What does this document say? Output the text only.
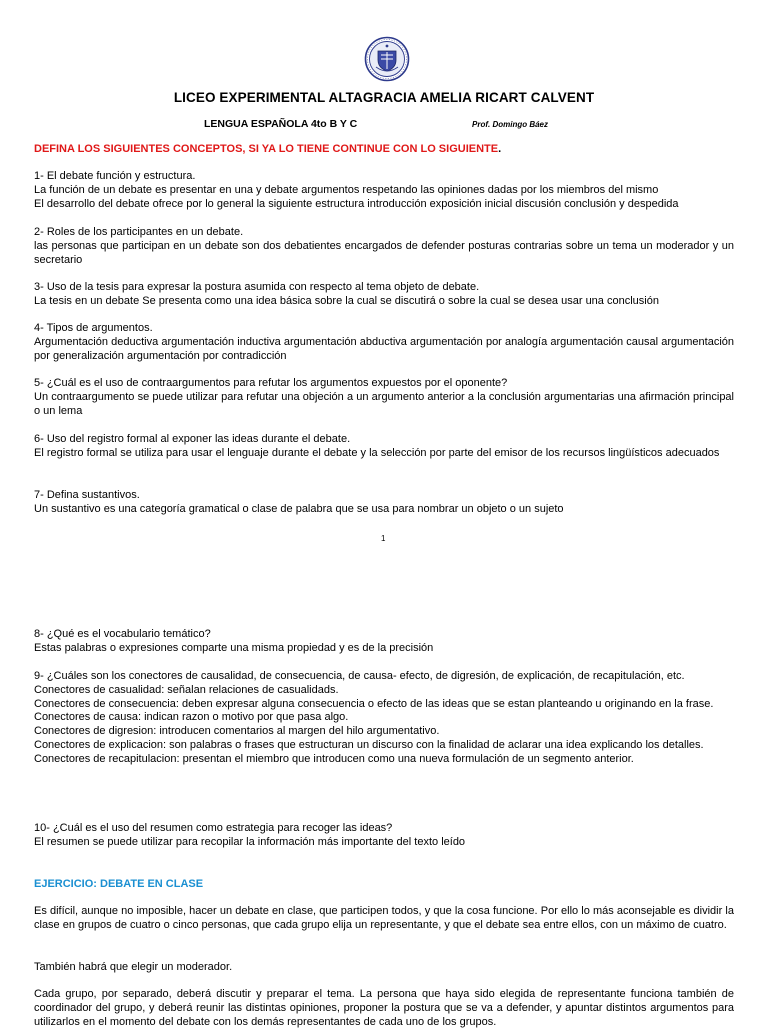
LICEO EXPERIMENTAL ALTAGRACIA AMELIA RICART CALVENT
LENGUA ESPAÑOLA 4to B Y C	Prof. Domingo Báez
DEFINA LOS SIGUIENTES CONCEPTOS, SI YA LO TIENE CONTINUE CON LO SIGUIENTE.

1- El debate función y estructura.

La función de un debate es presentar en una y debate argumentos respetando las opiniones dadas por los miembros del mismo

El desarrollo del debate ofrece por lo general la siguiente estructura introducción exposición inicial discusión conclusión y despedida

2- Roles de los participantes en un debate.

las personas que participan en un debate son dos debatientes encargados de defender posturas contrarias sobre un tema un moderador y un secretario

3- Uso de la tesis para expresar la postura asumida con respecto al tema objeto de debate.

La tesis en un debate Se presenta como una idea básica sobre la cual se discutirá o sobre la cual se desea usar una conclusión

4- Tipos de argumentos.

Argumentación deductiva argumentación inductiva argumentación abductiva argumentación por analogía argumentación causal argumentación por generalización argumentación por contradicción

5- ¿Cuál es el uso de contraargumentos para refutar los argumentos expuestos por el oponente?

Un contraargumento se puede utilizar para refutar una objeción a un argumento anterior a la conclusión argumentarias una afirmación principal o un lema

6- Uso del registro formal al exponer las ideas durante el debate.

El registro formal se utiliza para usar el lenguaje durante el debate y la selección por parte del emisor de los recursos lingüísticos adecuados

7- Defina sustantivos.

Un sustantivo es una categoría gramatical o clase de palabra que se usa para nombrar un objeto o un sujeto

1

8- ¿Qué es el vocabulario temático?

Estas palabras o expresiones comparte una misma propiedad y es de la precisión

9- ¿Cuáles son los conectores de causalidad, de consecuencia, de causa- efecto, de digresión, de explicación, de recapitulación, etc.

Conectores de casualidad: señalan relaciones de casualidads.

Conectores de consecuencia: deben expresar alguna consecuencia o efecto de las ideas que se estan planteando u originando en la frase.

Conectores de causa: indican razon o motivo por que pasa algo.

Conectores de digresion: introducen comentarios al margen del hilo argumentativo.

Conectores de explicacion: son palabras o frases que estructuran un discurso con la finalidad de aclarar una idea explicando los detalles.

Conectores de recapitulacion: presentan el miembro que introducen como una nueva formulación de un segmento anterior.

10- ¿Cuál es el uso del resumen como estrategia para recoger las ideas?

El resumen se puede utilizar para recopilar la información más importante del texto leído

EJERCICIO: DEBATE EN CLASE
Es difícil, aunque no imposible, hacer un debate en clase, que participen todos, y que la cosa funcione. Por ello lo más aconsejable es dividir la clase en grupos de cuatro o cinco personas, que cada grupo elija un representante, y que el debate sea entre ellos, con un máximo de cuatro.
También habrá que elegir un moderador.
Cada grupo, por separado, deberá discutir y preparar el tema. La persona que haya sido elegida de representante funciona también de coordinador del grupo, y deberá reunir las distintas opiniones, proponer la postura que se va a defender, y apuntar distintos argumentos para utilizarlos en el momento del debate con los demás representantes de cada uno de los grupos.
